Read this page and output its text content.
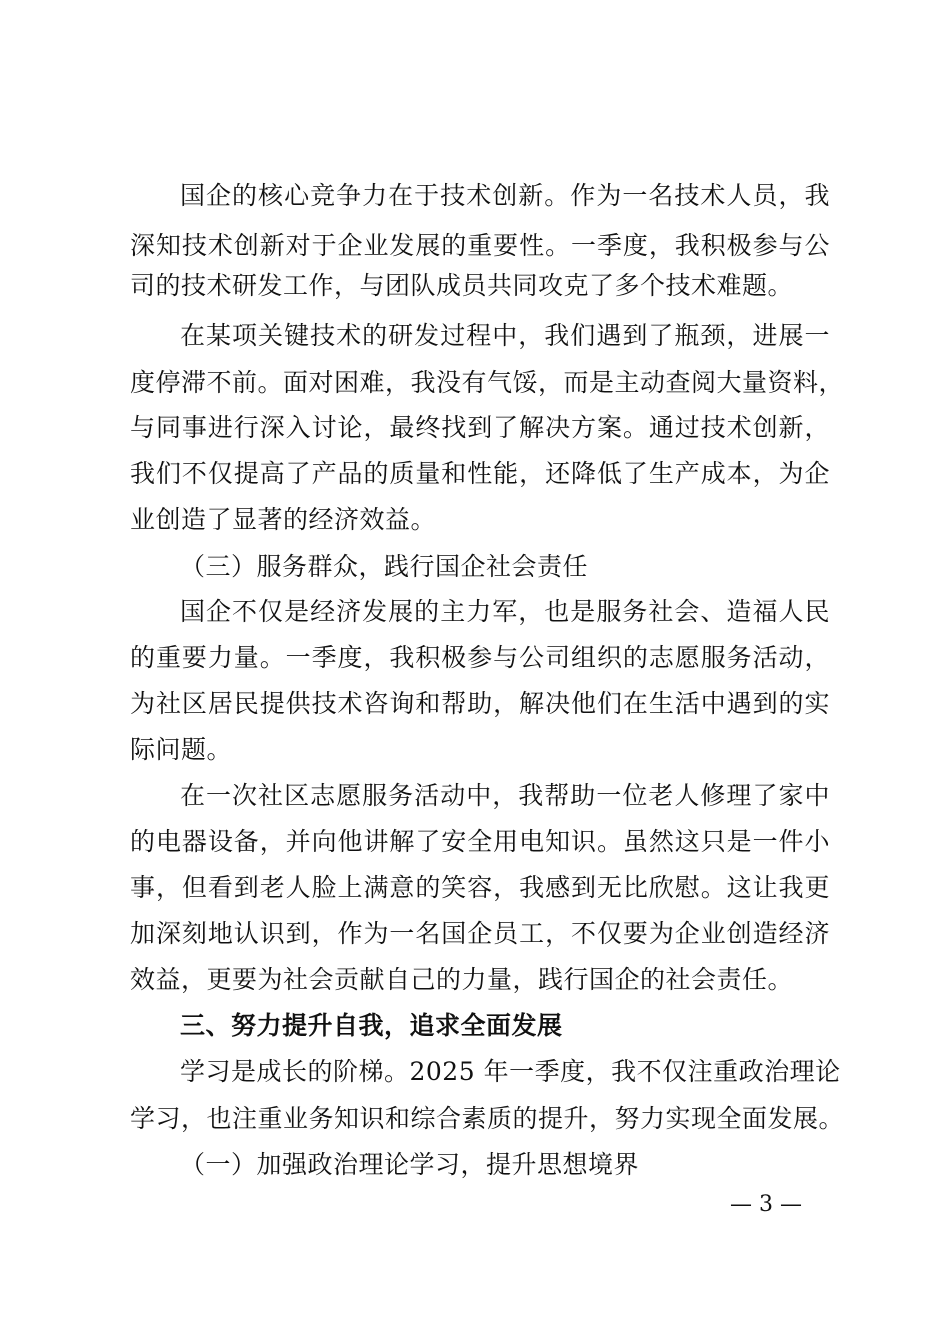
国企的核心竞争力在于技术创新。作为一名技术人员，我
深知技术创新对于企业发展的重要性。一季度，我积极参与公
司的技术研发工作，与团队成员共同攻克了多个技术难题。
在某项关键技术的研发过程中，我们遇到了瓶颈，进展一
度停滞不前。面对困难，我没有气馁，而是主动查阅大量资料，
与同事进行深入讨论，最终找到了解决方案。通过技术创新，
我们不仅提高了产品的质量和性能，还降低了生产成本，为企
业创造了显著的经济效益。
（三）服务群众，践行国企社会责任
国企不仅是经济发展的主力军，也是服务社会、造福人民
的重要力量。一季度，我积极参与公司组织的志愿服务活动，
为社区居民提供技术咨询和帮助，解决他们在生活中遇到的实
际问题。
在一次社区志愿服务活动中，我帮助一位老人修理了家中
的电器设备，并向他讲解了安全用电知识。虽然这只是一件小
事，但看到老人脸上满意的笑容，我感到无比欣慰。这让我更
加深刻地认识到，作为一名国企员工，不仅要为企业创造经济
效益，更要为社会贡献自己的力量，践行国企的社会责任。
三、努力提升自我，追求全面发展
学习是成长的阶梯。2025 年一季度，我不仅注重政治理论
学习，也注重业务知识和综合素质的提升，努力实现全面发展。
（一）加强政治理论学习，提升思想境界
— 3 —
